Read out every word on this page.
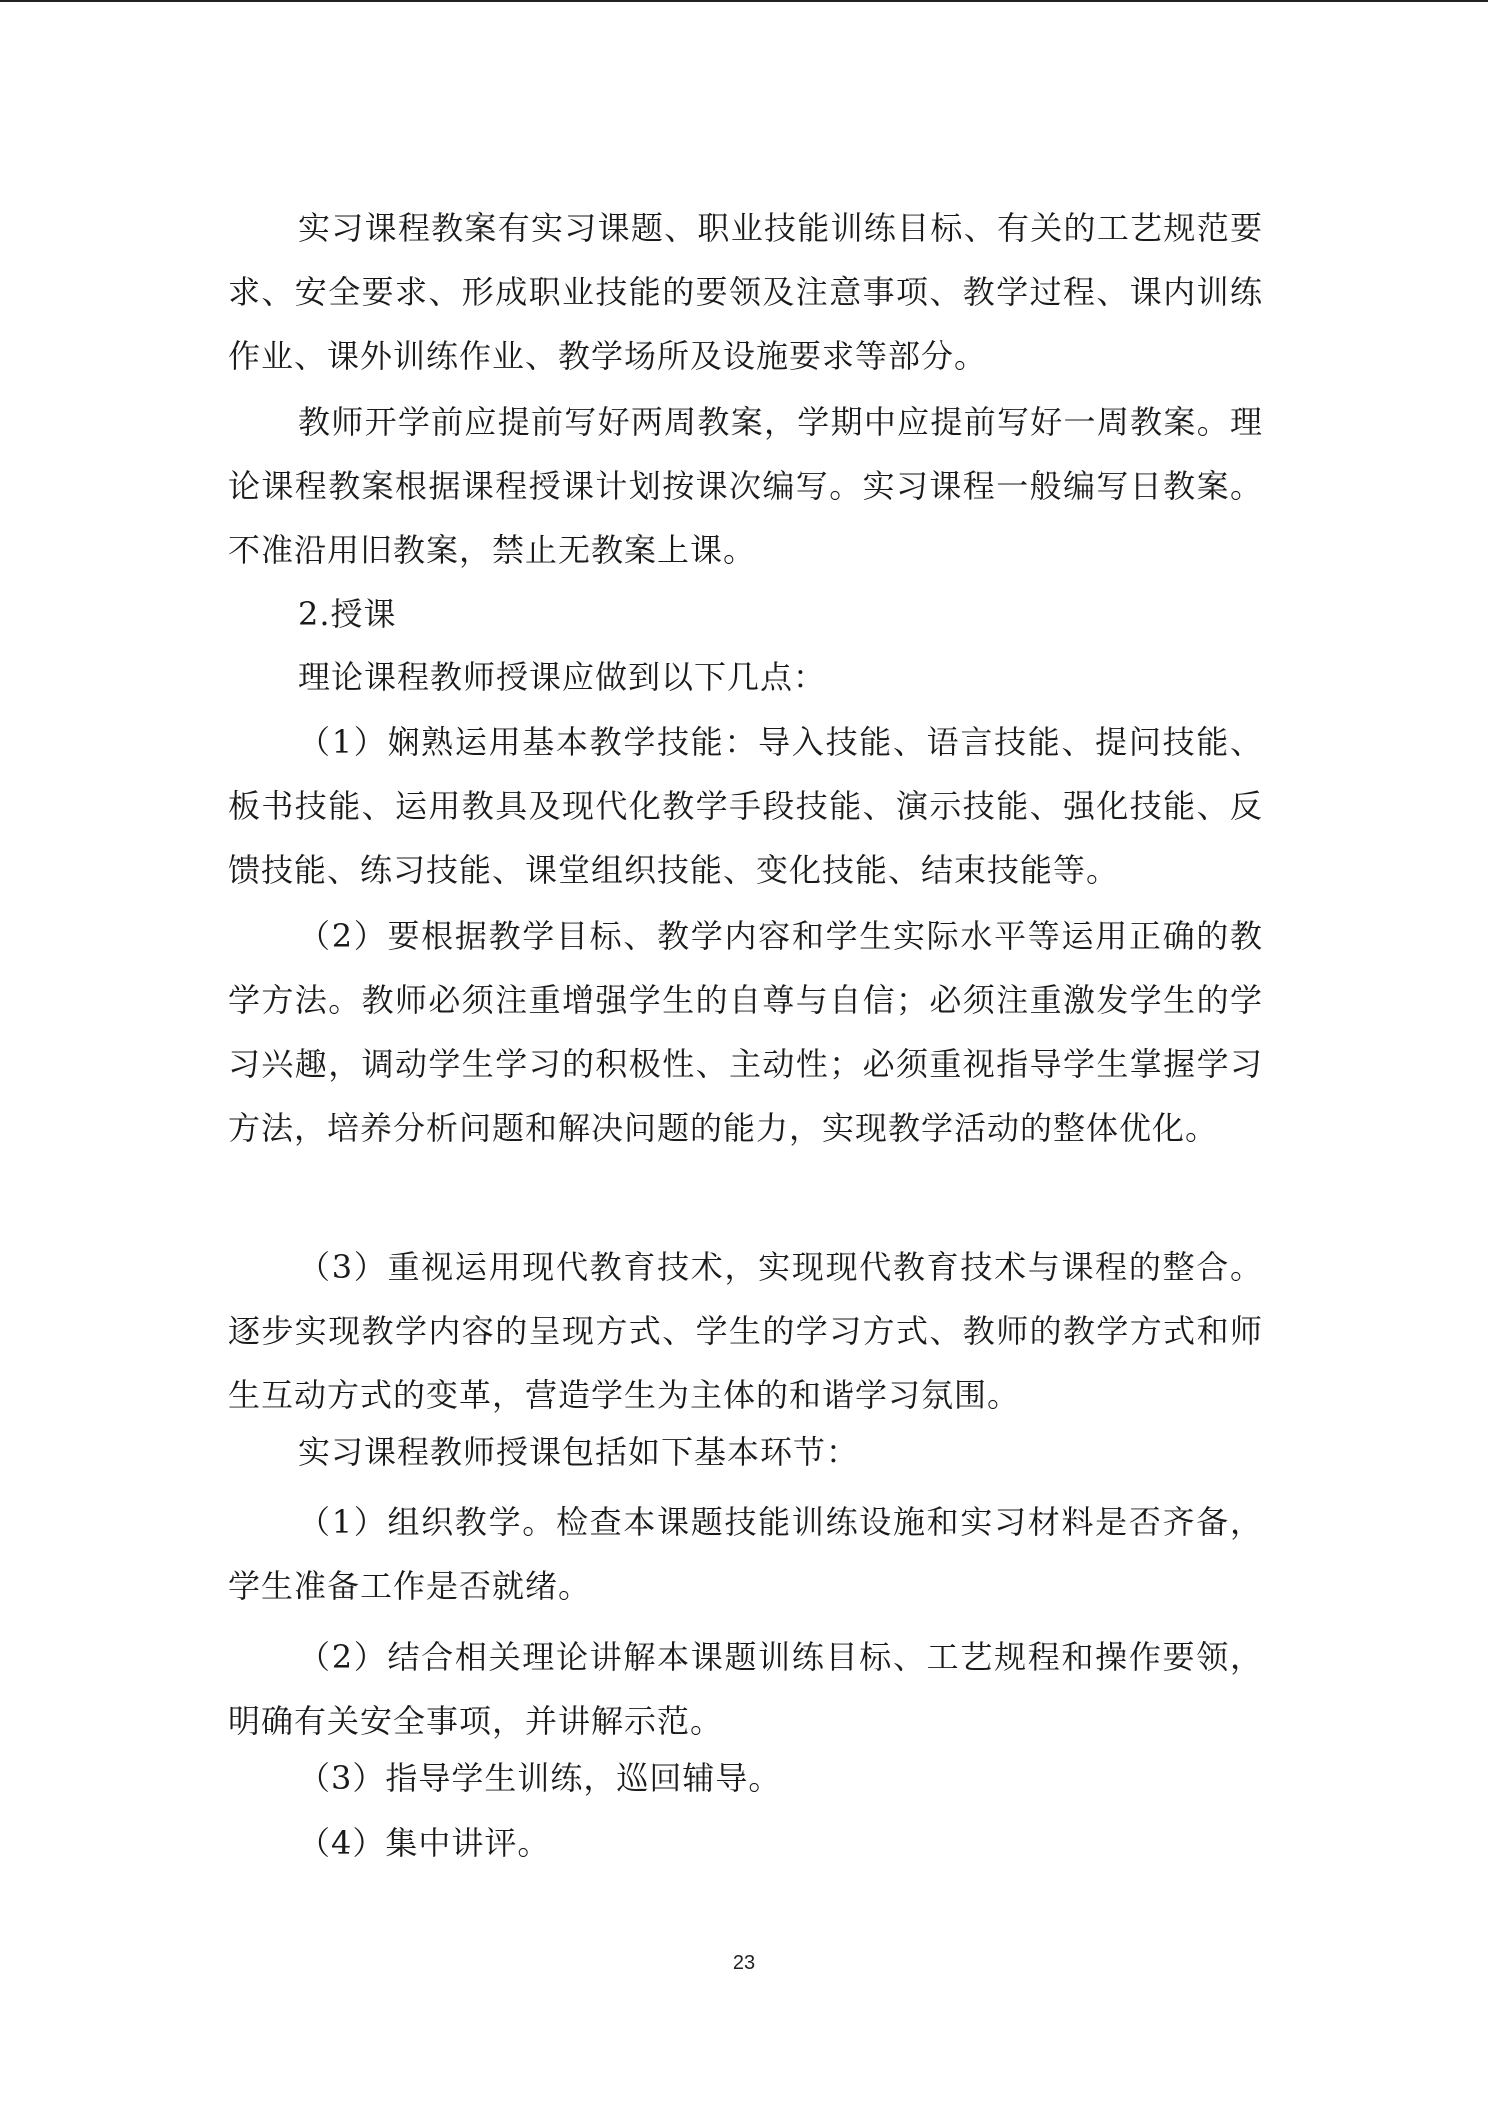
实习课程教案有实习课题、职业技能训练目标、有关的工艺规范要求、安全要求、形成职业技能的要领及注意事项、教学过程、课内训练作业、课外训练作业、教学场所及设施要求等部分。

教师开学前应提前写好两周教案，学期中应提前写好一周教案。理论课程教案根据课程授课计划按课次编写。实习课程一般编写日教案。不准沿用旧教案，禁止无教案上课。

2.授课

理论课程教师授课应做到以下几点：

（1）娴熟运用基本教学技能：导入技能、语言技能、提问技能、板书技能、运用教具及现代化教学手段技能、演示技能、强化技能、反馈技能、练习技能、课堂组织技能、变化技能、结束技能等。

（2）要根据教学目标、教学内容和学生实际水平等运用正确的教学方法。教师必须注重增强学生的自尊与自信；必须注重激发学生的学习兴趣，调动学生学习的积极性、主动性；必须重视指导学生掌握学习方法，培养分析问题和解决问题的能力，实现教学活动的整体优化。

（3）重视运用现代教育技术，实现现代教育技术与课程的整合。逐步实现教学内容的呈现方式、学生的学习方式、教师的教学方式和师生互动方式的变革，营造学生为主体的和谐学习氛围。

实习课程教师授课包括如下基本环节：

（1）组织教学。检查本课题技能训练设施和实习材料是否齐备，学生准备工作是否就绪。

（2）结合相关理论讲解本课题训练目标、工艺规程和操作要领，明确有关安全事项，并讲解示范。

（3）指导学生训练，巡回辅导。

（4）集中讲评。

23
